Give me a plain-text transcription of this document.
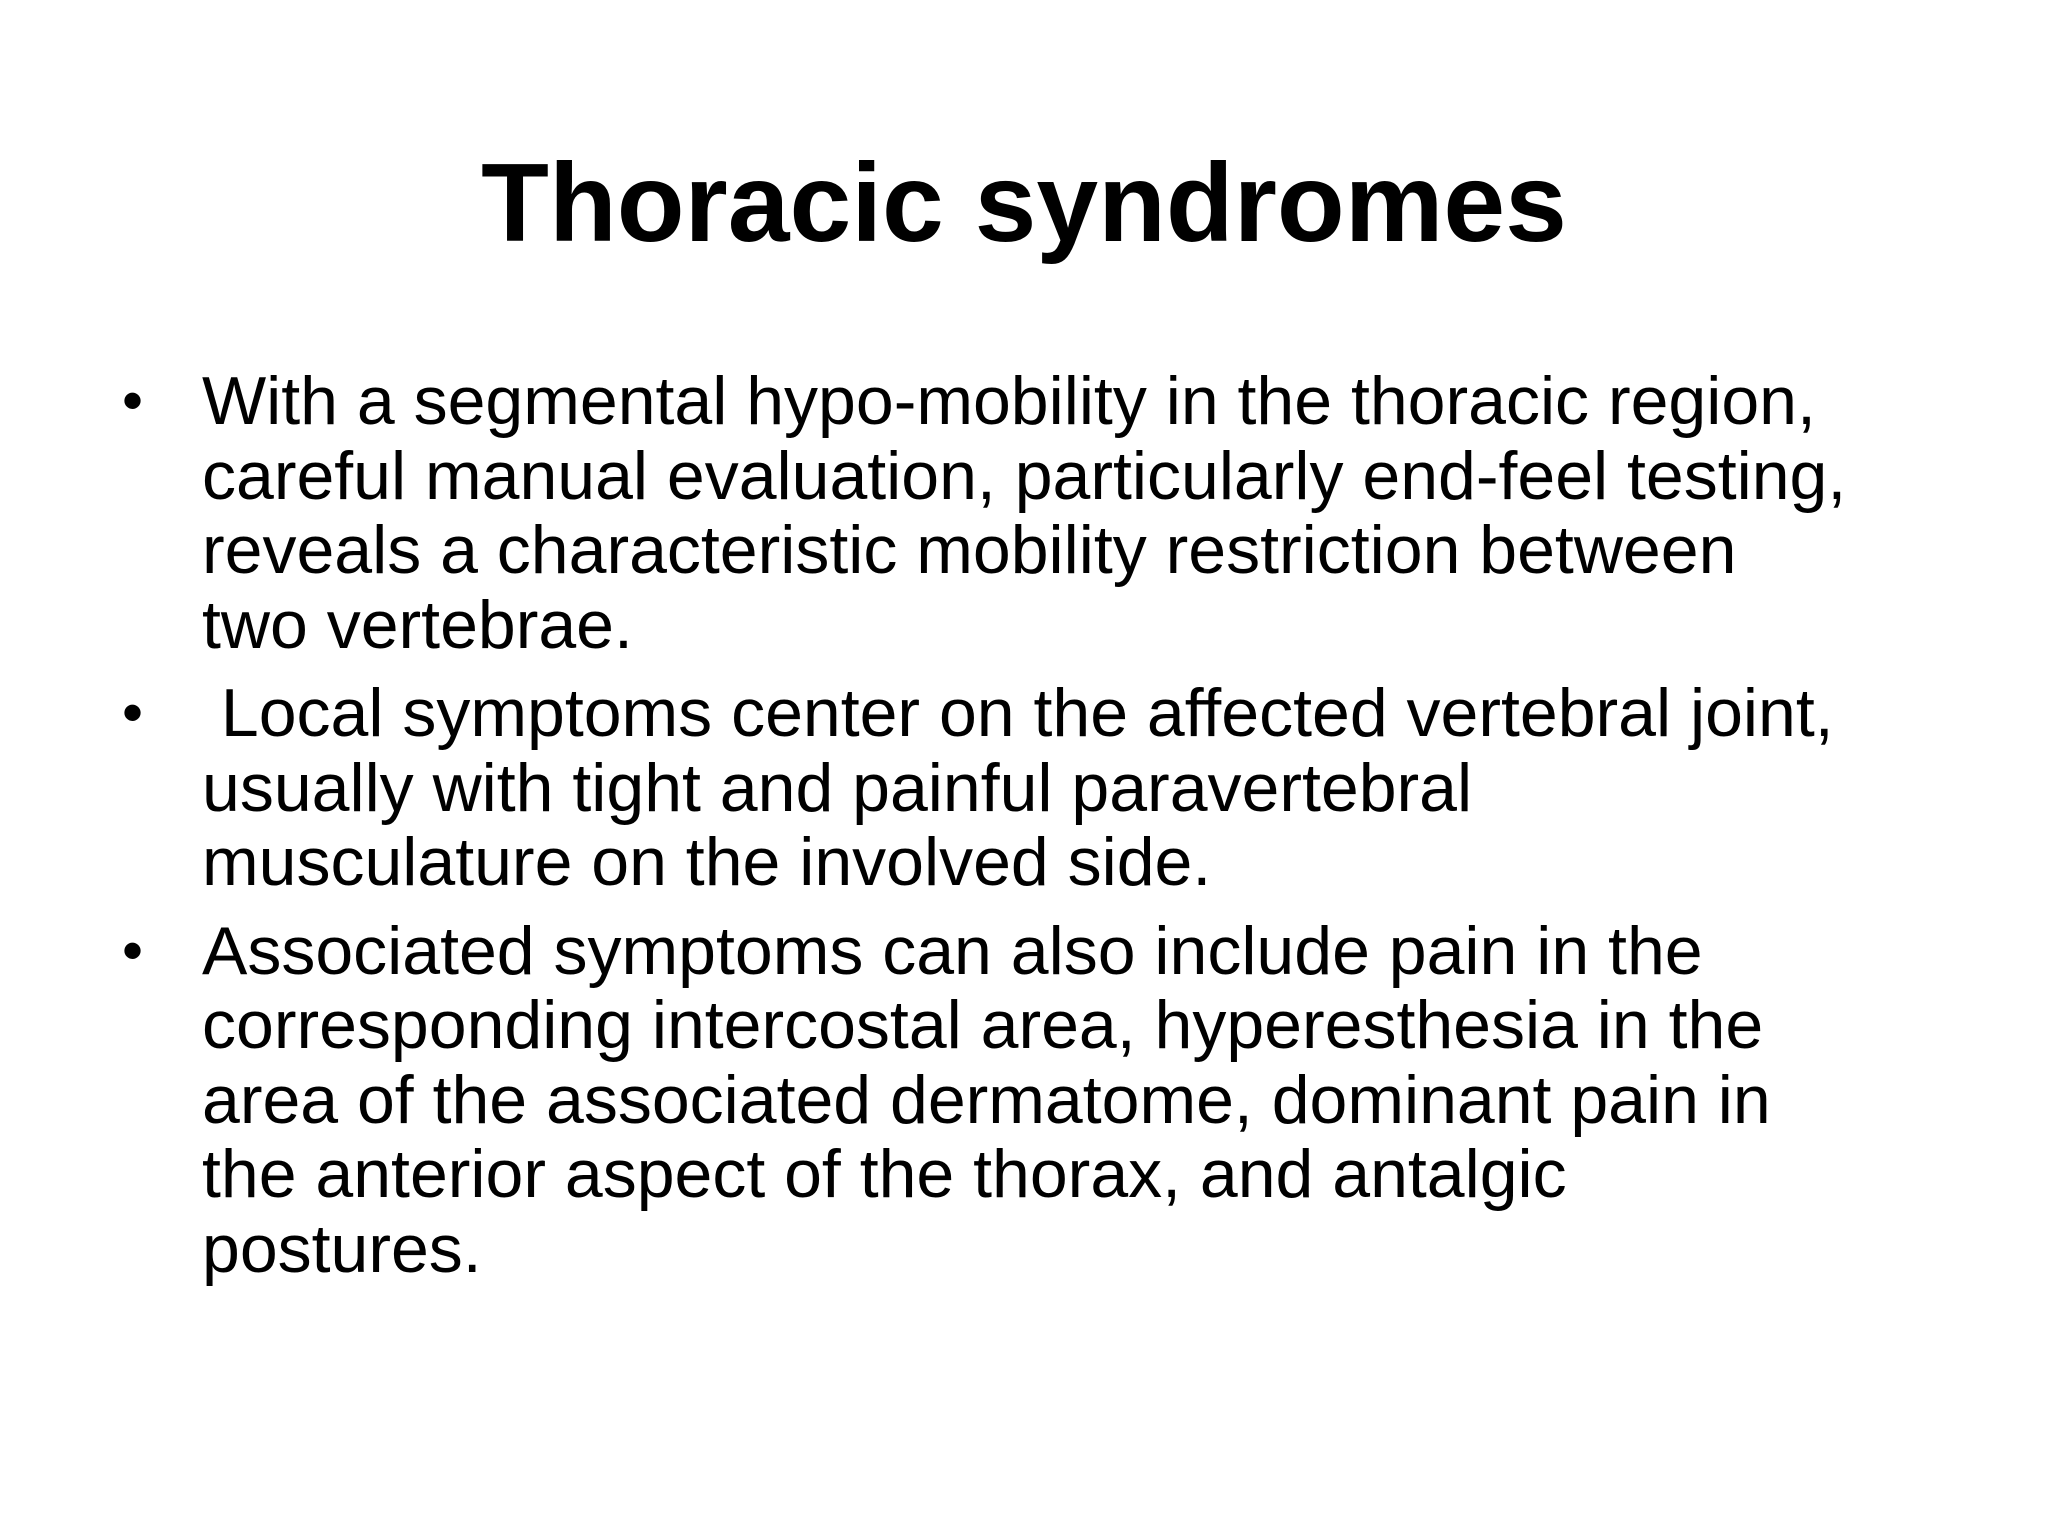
Thoracic syndromes
• With a segmental hypo-mobility in the thoracic region,
careful manual evaluation, particularly end-feel testing,
reveals a characteristic mobility restriction between
two vertebrae.
• Local symptoms center on the affected vertebral joint,
usually with tight and painful paravertebral
musculature on the involved side.
• Associated symptoms can also include pain in the
corresponding intercostal area, hyperesthesia in the
area of the associated dermatome, dominant pain in
the anterior aspect of the thorax, and antalgic
postures.
